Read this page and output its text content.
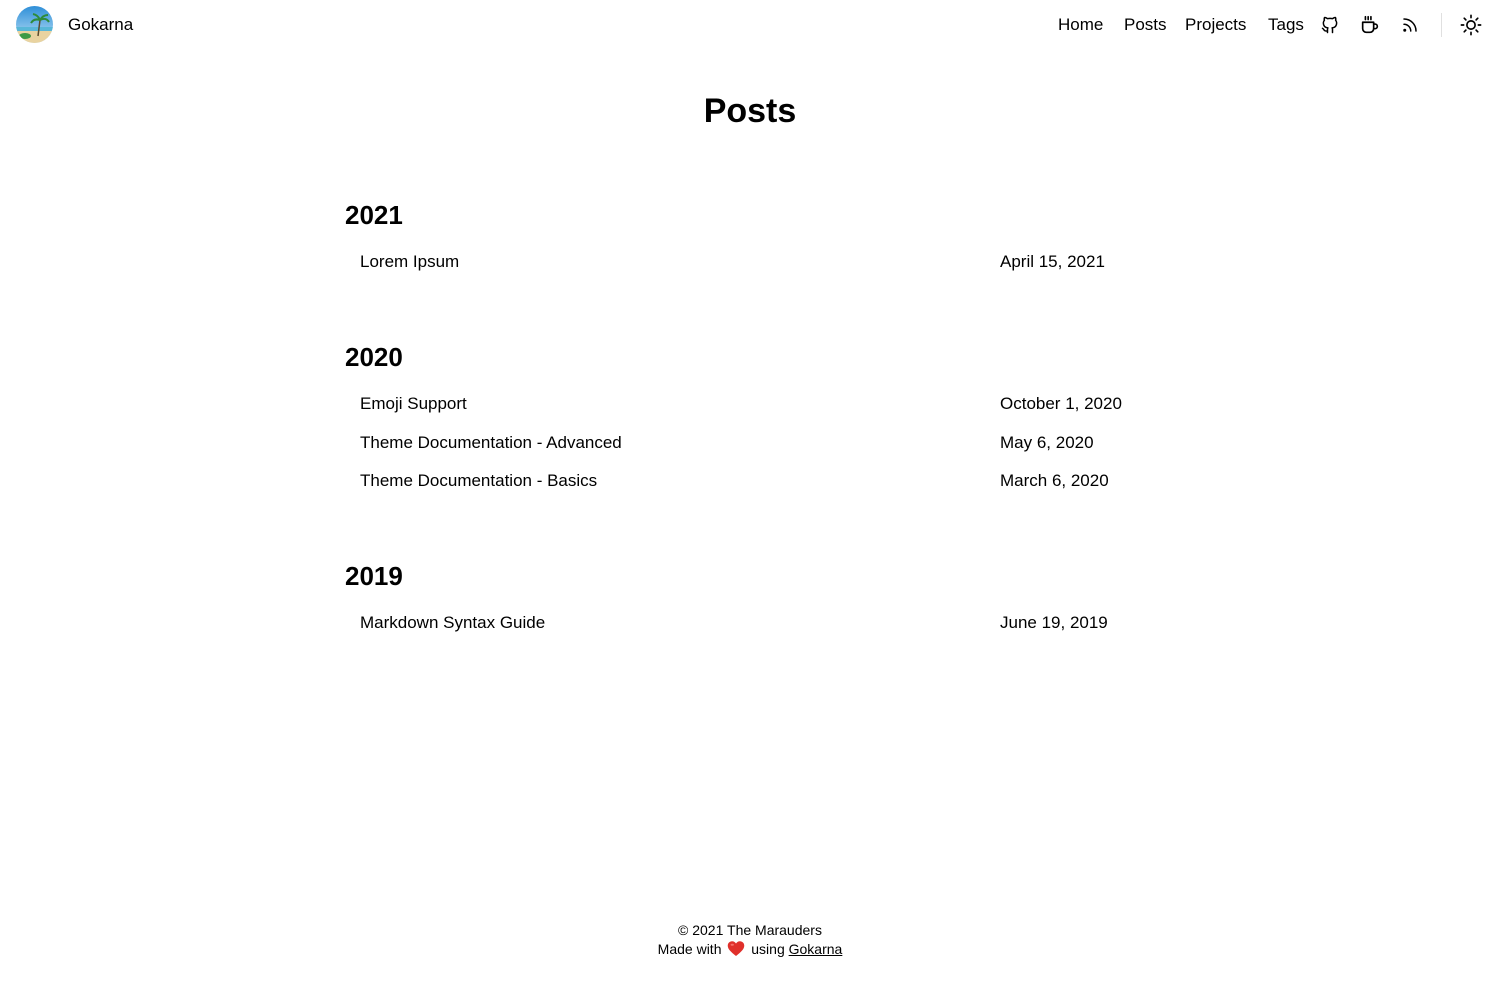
Gokarna	Home Posts Projects Tags
Posts
2021
Lorem Ipsum	April 15, 2021
2020
Emoji Support	October 1, 2020
Theme Documentation - Advanced	May 6, 2020
Theme Documentation - Basics	March 6, 2020
2019
Markdown Syntax Guide	June 19, 2019
© 2021 The Marauders
Made with using Gokarna
